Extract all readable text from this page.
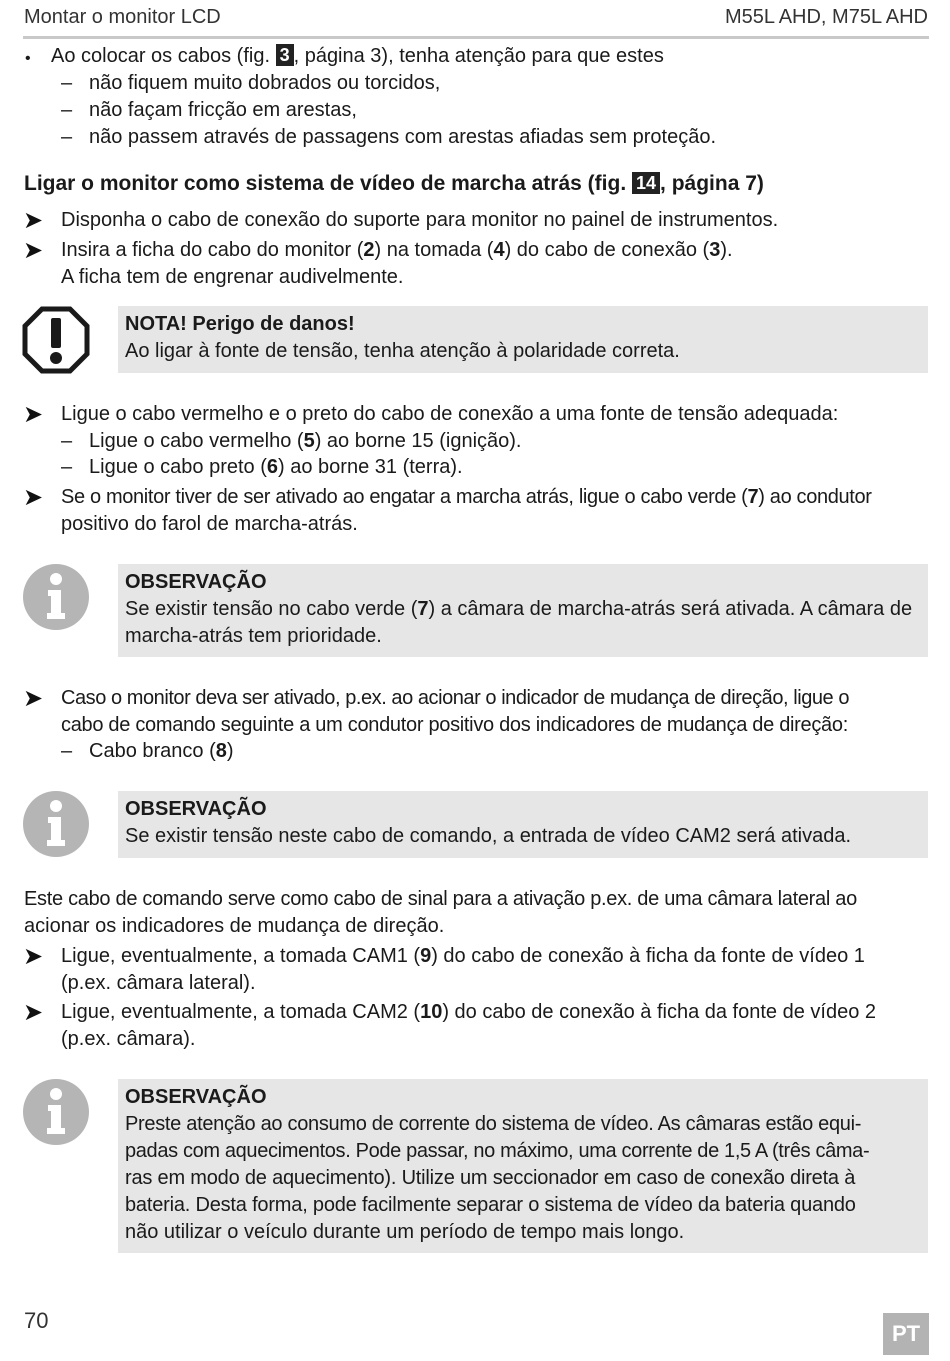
Montar o monitor LCD	M55L AHD, M75L AHD
• Ao colocar os cabos (fig. 3 , página 3), tenha atenção para que estes
– não fiquem muito dobrados ou torcidos,
– não façam fricção em arestas,
– não passem através de passagens com arestas afiadas sem proteção.
Ligar o monitor como sistema de vídeo de marcha atrás (fig. 14 , página 7)
➤ Disponha o cabo de conexão do suporte para monitor no painel de instrumentos.
➤ Insira a ficha do cabo do monitor (2) na tomada (4) do cabo de conexão (3).
A ficha tem de engrenar audivelmente.
NOTA! Perigo de danos!
Ao ligar à fonte de tensão, tenha atenção à polaridade correta.
➤ Ligue o cabo vermelho e o preto do cabo de conexão a uma fonte de tensão adequada:
– Ligue o cabo vermelho (5) ao borne 15 (ignição).
– Ligue o cabo preto (6) ao borne 31 (terra).
➤ Se o monitor tiver de ser ativado ao engatar a marcha atrás, ligue o cabo verde (7) ao condutor
positivo do farol de marcha-atrás.
OBSERVAÇÃO
Se existir tensão no cabo verde (7) a câmara de marcha-atrás será ativada. A câmara de
marcha-atrás tem prioridade.
➤ Caso o monitor deva ser ativado, p.ex. ao acionar o indicador de mudança de direção, ligue o
cabo de comando seguinte a um condutor positivo dos indicadores de mudança de direção:
– Cabo branco (8)
OBSERVAÇÃO
Se existir tensão neste cabo de comando, a entrada de vídeo CAM2 será ativada.
Este cabo de comando serve como cabo de sinal para a ativação p.ex. de uma câmara lateral ao
acionar os indicadores de mudança de direção.
➤ Ligue, eventualmente, a tomada CAM1 (9) do cabo de conexão à ficha da fonte de vídeo 1
(p.ex. câmara lateral).
➤ Ligue, eventualmente, a tomada CAM2 (10) do cabo de conexão à ficha da fonte de vídeo 2
(p.ex. câmara).
OBSERVAÇÃO
Preste atenção ao consumo de corrente do sistema de vídeo. As câmaras estão equi-
padas com aquecimentos. Pode passar, no máximo, uma corrente de 1,5 A (três câma-
ras em modo de aquecimento). Utilize um seccionador em caso de conexão direta à
bateria. Desta forma, pode facilmente separar o sistema de vídeo da bateria quando
não utilizar o veículo durante um período de tempo mais longo.
70
PT
